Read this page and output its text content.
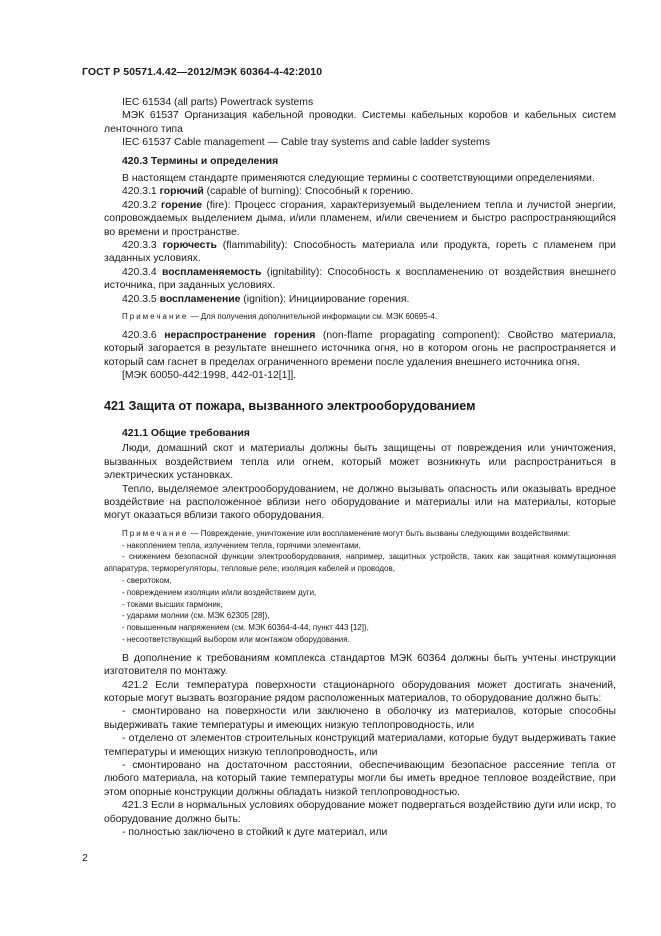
ГОСТ Р 50571.4.42—2012/МЭК 60364-4-42:2010

IEC 61534 (all parts) Powertrack systems

МЭК 61537 Организация кабельной проводки. Системы кабельных коробов и кабельных систем ленточного типа

IEC 61537 Cable management — Cable tray systems and cable ladder systems

420.3 Термины и определения

В настоящем стандарте применяются следующие термины с соответствующими определениями.

420.3.1 горючий (capable of burning): Способный к горению.

420.3.2 горение (fire): Процесс сгорания, характеризуемый выделением тепла и лучистой энергии, сопровождаемых выделением дыма, и/или пламенем, и/или свечением и быстро распространяющийся во времени и пространстве.

420.3.3 горючесть (flammability): Способность материала или продукта, гореть с пламенем при заданных условиях.

420.3.4 воспламеняемость (ignitability): Способность к воспламенению от воздействия внешнего источника, при заданных условиях.

420.3.5 воспламенение (ignition): Инициирование горения.

Примечание — Для получения дополнительной информации см. МЭК 60695-4.

420.3.6 нераспространение горения (non-flame propagating component): Свойство материала, который загорается в результате внешнего источника огня, но в котором огонь не распространяется и который сам гаснет в пределах ограниченного времени после удаления внешнего источника огня.

[МЭК 60050-442:1998, 442-01-12[1]].

421 Защита от пожара, вызванного электрооборудованием

421.1 Общие требования

Люди, домашний скот и материалы должны быть защищены от повреждения или уничтожения, вызванных воздействием тепла или огнем, который может возникнуть или распространиться в электрических установках.

Тепло, выделяемое электрооборудованием, не должно вызывать опасность или оказывать вредное воздействие на расположенное вблизи него оборудование и материалы или на материалы, которые могут оказаться вблизи такого оборудования.

Примечание — Повреждение, уничтожение или воспламенение могут быть вызваны следующими воздействиями:

- накоплением тепла, излучением тепла, горячими элементами,

- снижением безопасной функции электрооборудования, например, защитных устройств, таких как защитная коммутационная аппаратура, терморегуляторы, тепловые реле, изоляция кабелей и проводов,

- сверхтоком,

- повреждением изоляции и/или воздействием дуги,

- токами высших гармоник,

- ударами молнии (см. МЭК 62305 [28]),

- повышенным напряжением (см. МЭК 60364-4-44, пункт 443 [12]),

- несоответствующий выбором или монтажом оборудования.

В дополнение к требованиям комплекса стандартов МЭК 60364 должны быть учтены инструкции изготовителя по монтажу.

421.2 Если температура поверхности стационарного оборудования может достигать значений, которые могут вызвать возгорание рядом расположенных материалов, то оборудование должно быть:

- смонтировано на поверхности или заключено в оболочку из материалов, которые способны выдерживать такие температуры и имеющих низкую теплопроводность, или

- отделено от элементов строительных конструкций материалами, которые будут выдерживать такие температуры и имеющих низкую теплопроводность, или

- смонтировано на достаточном расстоянии, обеспечивающим безопасное рассеяние тепла от любого материала, на который такие температуры могли бы иметь вредное тепловое воздействие, при этом опорные конструкции должны обладать низкой теплопроводностью.

421.3 Если в нормальных условиях оборудование может подвергаться воздействию дуги или искр, то оборудование должно быть:

- полностью заключено в стойкий к дуге материал, или

2
